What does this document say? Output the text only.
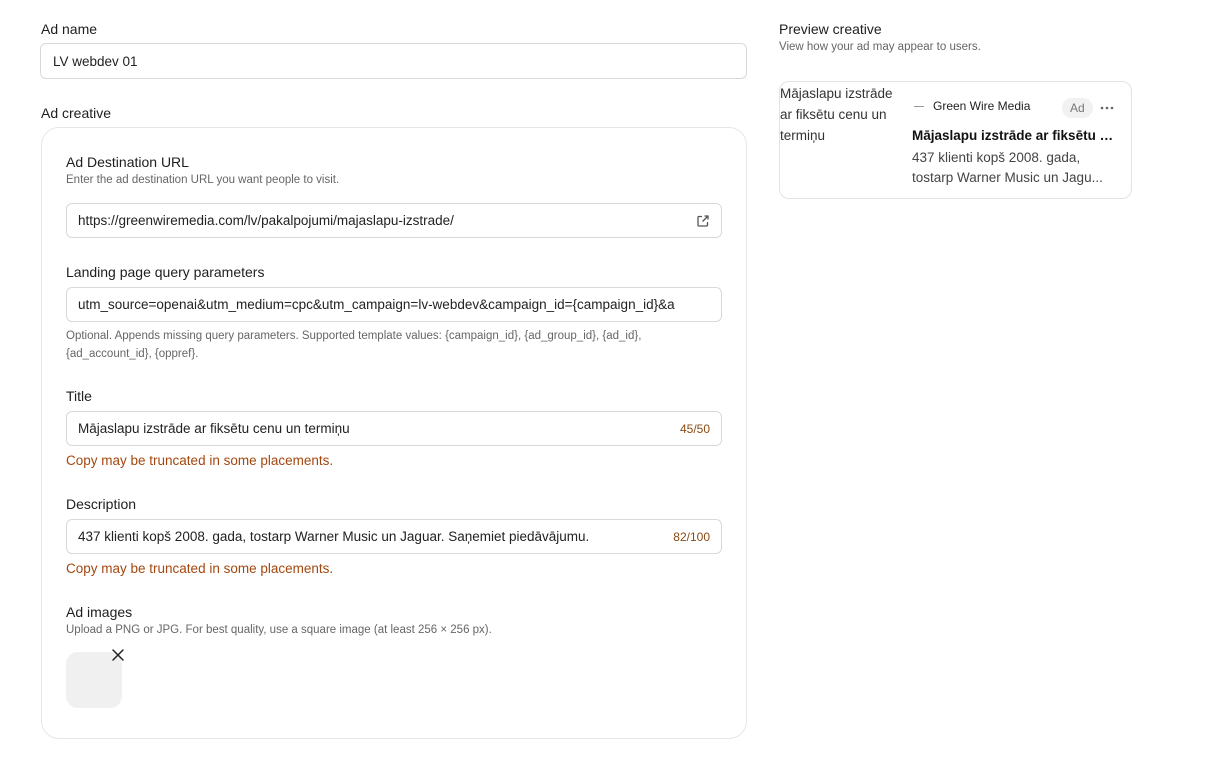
Ad name
LV webdev 01
Ad creative
Ad Destination URL
Enter the ad destination URL you want people to visit.
https://greenwiremedia.com/lv/pakalpojumi/majaslapu-izstrade/
Landing page query parameters
utm_source=openai&utm_medium=cpc&utm_campaign=lv-webdev&campaign_id={campaign_id}&a
Optional. Appends missing query parameters. Supported template values: {campaign_id}, {ad_group_id}, {ad_id}, {ad_account_id}, {oppref}.
Title
Mājaslapu izstrāde ar fiksētu cenu un termiņu	45/50
Copy may be truncated in some placements.
Description
437 klienti kopš 2008. gada, tostarp Warner Music un Jaguar. Saņemiet piedāvājumu.	82/100
Copy may be truncated in some placements.
Ad images
Upload a PNG or JPG. For best quality, use a square image (at least 256 × 256 px).
Preview creative
View how your ad may appear to users.
Mājaslapu izstrāde ar fiksētu cenu un termiņu
Green Wire Media	Ad
Mājaslapu izstrāde ar fiksētu c...
437 klienti kopš 2008. gada, tostarp Warner Music un Jagu...
